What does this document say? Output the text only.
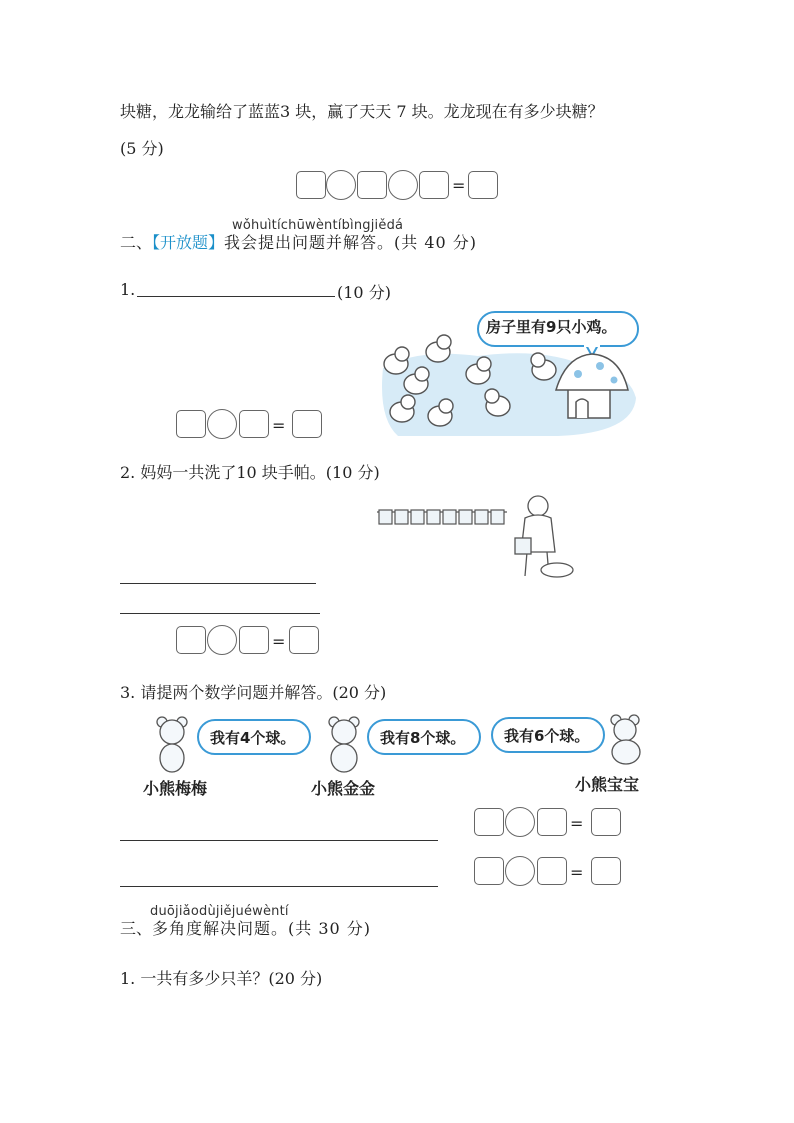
块糖，龙龙输给了蓝蓝3 块，赢了天天 7 块。龙龙现在有多少块糖？
(5 分)
=
wǒhuìtíchūwèntíbìngjiědá
二、【开放题】我会提出问题并解答。(共 40 分)
1.	(10 分)
=
房子里有9只小鸡。
2. 妈妈一共洗了10 块手帕。(10 分)
=
3. 请提两个数学问题并解答。(20 分)
我有4个球。	我有8个球。	我有6个球。
小熊梅梅	小熊金金	小熊宝宝
=
=
duōjiǎodùjiějuéwèntí
三、多角度解决问题。(共 30 分)
1. 一共有多少只羊？(20 分)
